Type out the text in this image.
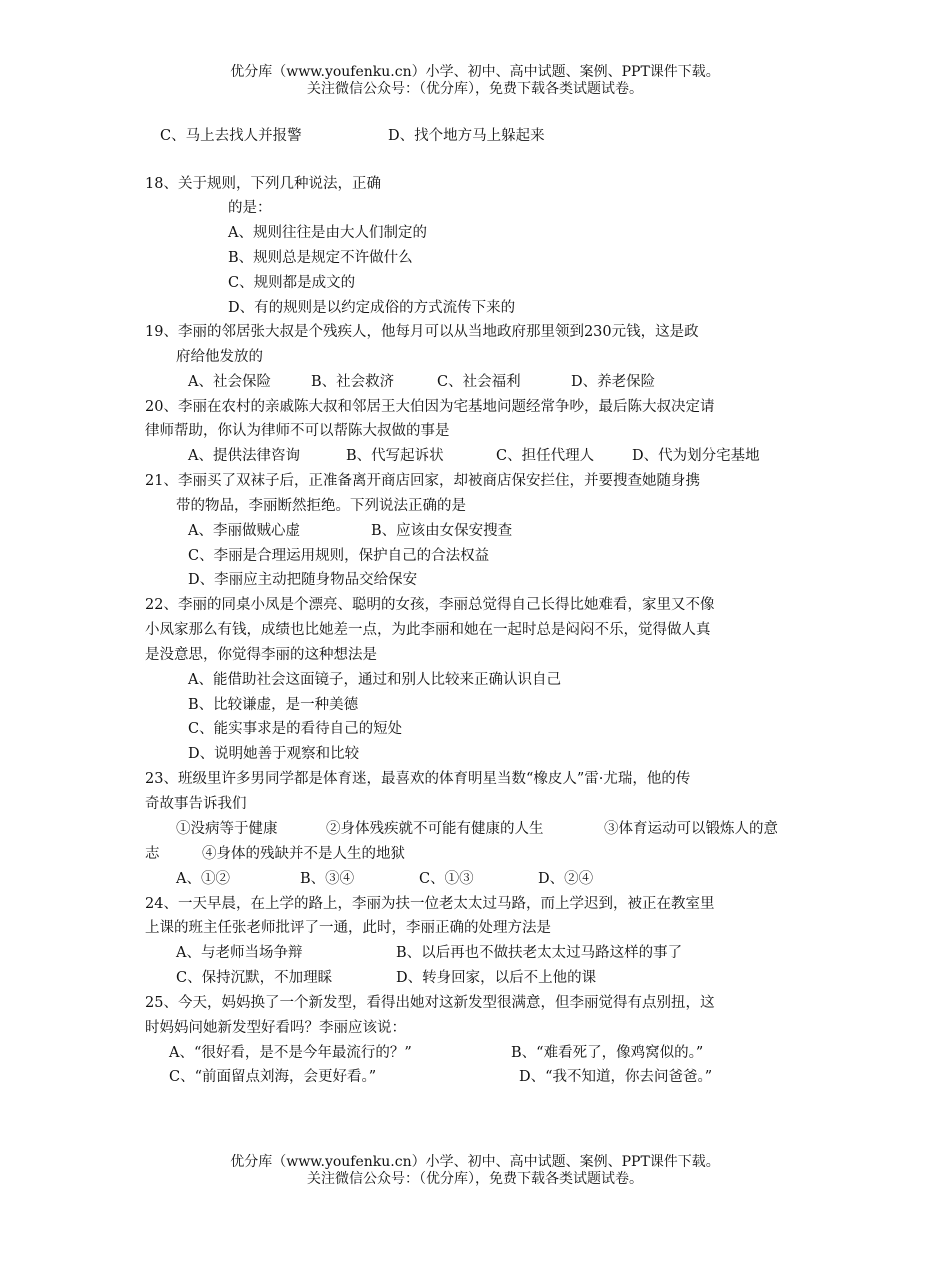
优分库（www.youfenku.cn）小学、初中、高中试题、案例、PPT课件下载。
关注微信公众号：（优分库），免费下载各类试题试卷。
C、马上去找人并报警	D、找个地方马上躲起来
18、关于规则，下列几种说法，正确
的是：
A、规则往往是由大人们制定的
B、规则总是规定不许做什么
C、规则都是成文的
D、有的规则是以约定成俗的方式流传下来的
19、李丽的邻居张大叔是个残疾人，他每月可以从当地政府那里领到230元钱，这是政
府给他发放的
A、社会保险	B、社会救济	C、社会福利	D、养老保险
20、李丽在农村的亲戚陈大叔和邻居王大伯因为宅基地问题经常争吵，最后陈大叔决定请
律师帮助，你认为律师不可以帮陈大叔做的事是
A、提供法律咨询	B、代写起诉状	C、担任代理人	D、代为划分宅基地
21、李丽买了双袜子后，正准备离开商店回家，却被商店保安拦住，并要搜查她随身携
带的物品，李丽断然拒绝。下列说法正确的是
A、李丽做贼心虚	B、应该由女保安搜查
C、李丽是合理运用规则，保护自己的合法权益
D、李丽应主动把随身物品交给保安
22、李丽的同桌小凤是个漂亮、聪明的女孩，李丽总觉得自己长得比她难看，家里又不像
小凤家那么有钱，成绩也比她差一点，为此李丽和她在一起时总是闷闷不乐，觉得做人真
是没意思，你觉得李丽的这种想法是
A、能借助社会这面镜子，通过和别人比较来正确认识自己
B、比较谦虚，是一种美德
C、能实事求是的看待自己的短处
D、说明她善于观察和比较
23、班级里许多男同学都是体育迷，最喜欢的体育明星当数“橡皮人”雷·尤瑞，他的传
奇故事告诉我们
①没病等于健康	②身体残疾就不可能有健康的人生	③体育运动可以锻炼人的意
志	④身体的残缺并不是人生的地狱
A、①②	B、③④	C、①③	D、②④
24、一天早晨，在上学的路上，李丽为扶一位老太太过马路，而上学迟到，被正在教室里
上课的班主任张老师批评了一通，此时，李丽正确的处理方法是
A、与老师当场争辩	B、以后再也不做扶老太太过马路这样的事了
C、保持沉默，不加理睬	D、转身回家，以后不上他的课
25、今天，妈妈换了一个新发型，看得出她对这新发型很满意，但李丽觉得有点别扭，这
时妈妈问她新发型好看吗？李丽应该说：
A、“很好看，是不是今年最流行的？”	B、“难看死了，像鸡窝似的。”
C、“前面留点刘海，会更好看。”	D、“我不知道，你去问爸爸。”
优分库（www.youfenku.cn）小学、初中、高中试题、案例、PPT课件下载。
关注微信公众号：（优分库），免费下载各类试题试卷。
